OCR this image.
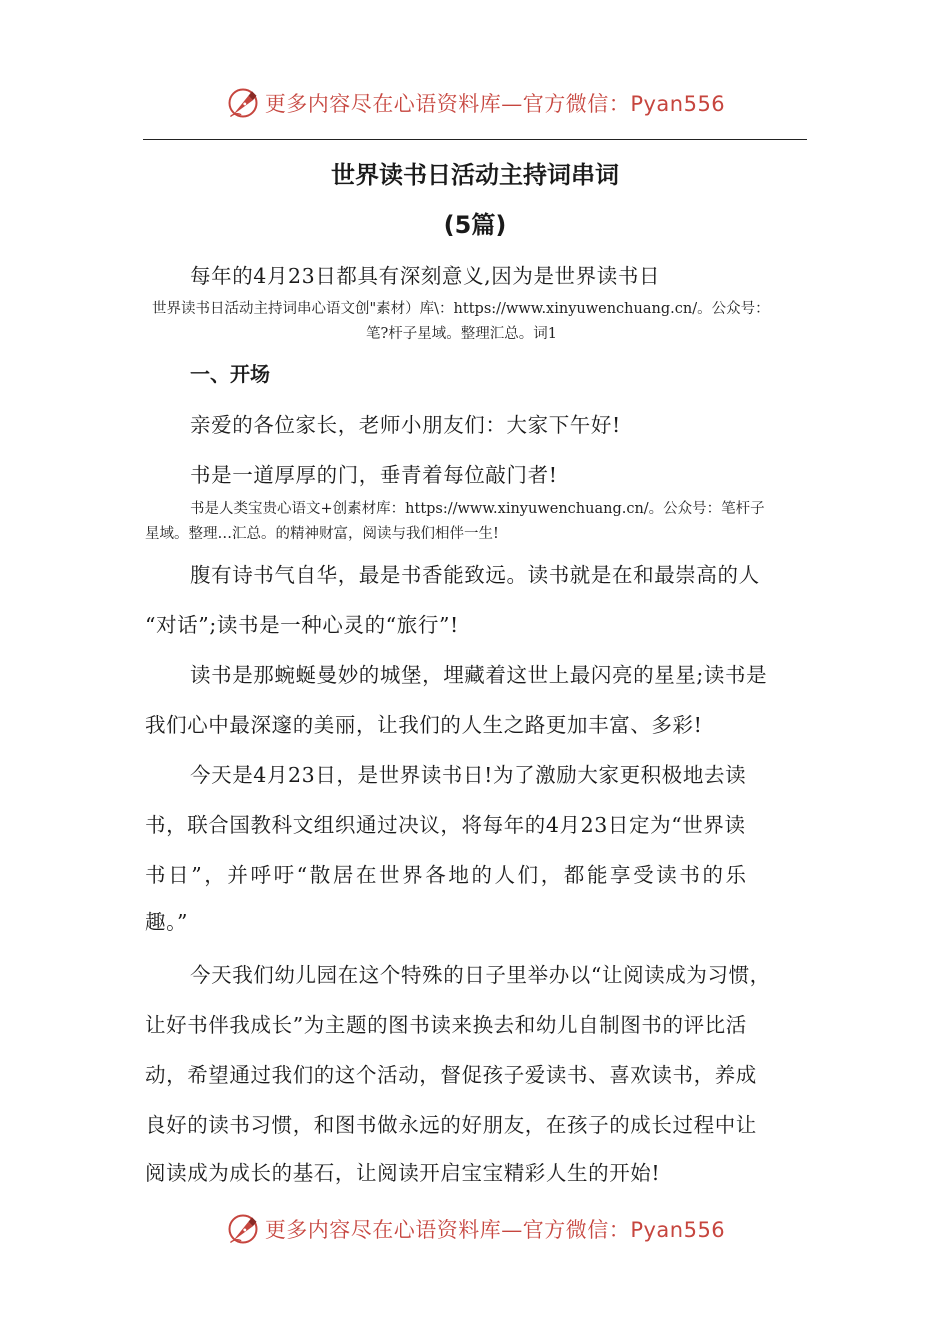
更多内容尽在心语资料库—官方微信：Pyan556
世界读书日活动主持词串词
(5篇)
每年的4月23日都具有深刻意义,因为是世界读书日
世界读书日活动主持词串心语文创"素材）库\：https://www.xinyuwenchuang.cn/。公众号：
笔?杆子星域。整理汇总。词1
一、开场
亲爱的各位家长，老师小朋友们：大家下午好!
书是一道厚厚的门，垂青着每位敲门者!
书是人类宝贵心语文+创素材库：https://www.xinyuwenchuang.cn/。公众号：笔杆子
星域。整理…汇总。的精神财富，阅读与我们相伴一生!
腹有诗书气自华，最是书香能致远。读书就是在和最崇高的人
“对话”;读书是一种心灵的“旅行”!
读书是那蜿蜒曼妙的城堡，埋藏着这世上最闪亮的星星;读书是
我们心中最深邃的美丽，让我们的人生之路更加丰富、多彩!
今天是4月23日，是世界读书日!为了激励大家更积极地去读
书，联合国教科文组织通过决议，将每年的4月23日定为“世界读
书日”，并呼吁“散居在世界各地的人们，都能享受读书的乐
趣。”
今天我们幼儿园在这个特殊的日子里举办以“让阅读成为习惯，
让好书伴我成长”为主题的图书读来换去和幼儿自制图书的评比活
动，希望通过我们的这个活动，督促孩子爱读书、喜欢读书，养成
良好的读书习惯，和图书做永远的好朋友，在孩子的成长过程中让
阅读成为成长的基石，让阅读开启宝宝精彩人生的开始!
更多内容尽在心语资料库—官方微信：Pyan556
